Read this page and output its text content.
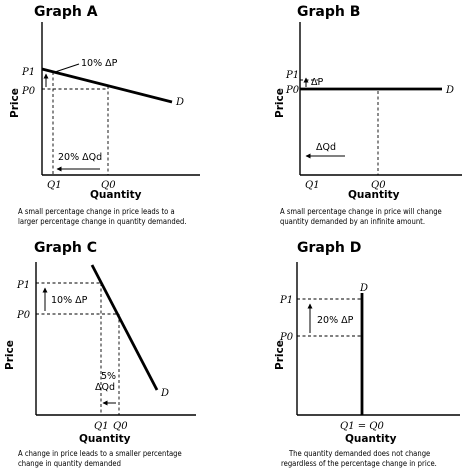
Graph A
Price
Quantity
D
10% ΔP
20% ΔQd
P1
P0
Q1	Q0
A small percentage change in price leads to a
larger percentage change in quantity demanded.
Graph B
Price
Quantity
D
ΔP
ΔQd
P1
P0
Q1	Q0
A small percentage change in price will change
quantity demanded by an infinite amount.
Graph C
Price
Quantity
D
10% ΔP
5%
ΔQd
P1
P0
Q1 Q0
A change in price leads to a smaller percentage
change in quantity demanded
Graph D
Price
Quantity
D
20% ΔP
P1
P0
Q1 = Q0
The quantity demanded does not change
regardless of the percentage change in price.
